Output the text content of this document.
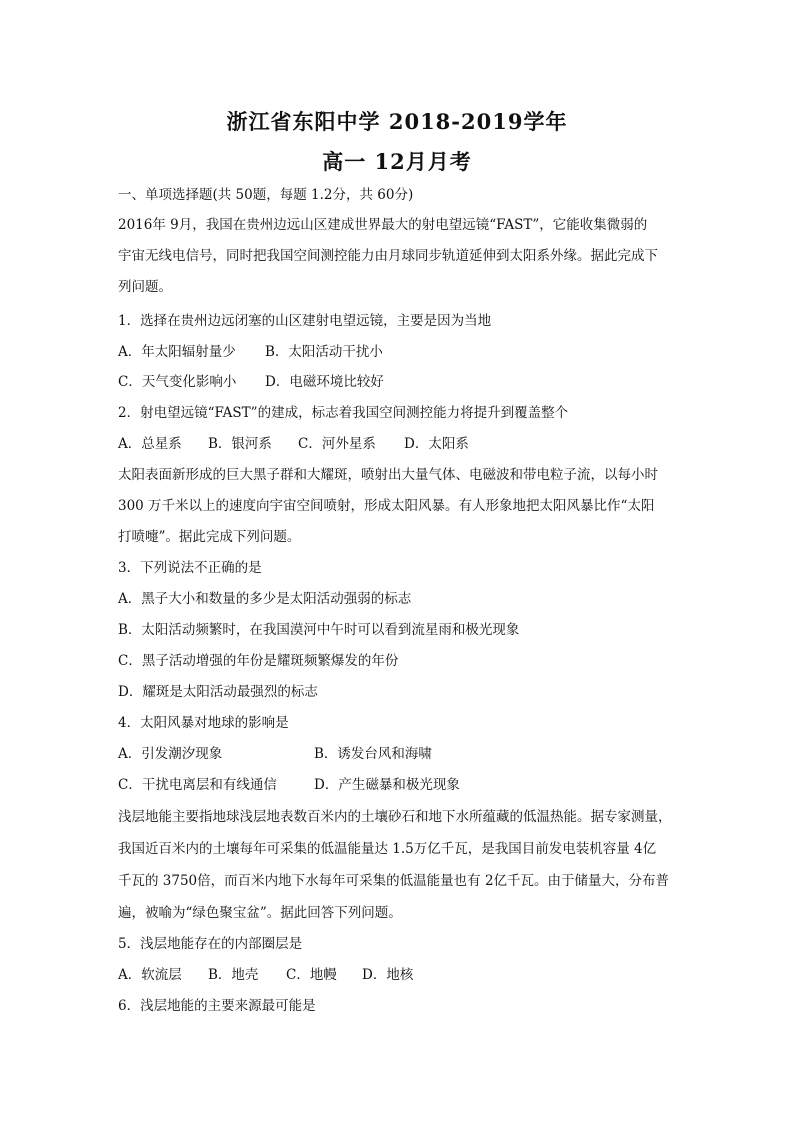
浙江省东阳中学 2018-2019学年
高一 12月月考
一、单项选择题(共 50题，每题 1.2分，共 60分)
2016年 9月，我国在贵州边远山区建成世界最大的射电望远镜“FAST”，它能收集微弱的
宇宙无线电信号，同时把我国空间测控能力由月球同步轨道延伸到太阳系外缘。据此完成下
列问题。
1．选择在贵州边远闭塞的山区建射电望远镜，主要是因为当地
A．年太阳辐射量少 B．太阳活动干扰小
C．天气变化影响小 D．电磁环境比较好
2．射电望远镜“FAST”的建成，标志着我国空间测控能力将提升到覆盖整个
A．总星系 B．银河系 C．河外星系 D．太阳系
太阳表面新形成的巨大黑子群和大耀斑，喷射出大量气体、电磁波和带电粒子流，以每小时
300 万千米以上的速度向宇宙空间喷射，形成太阳风暴。有人形象地把太阳风暴比作“太阳
打喷嚏”。据此完成下列问题。
3．下列说法不正确的是
A．黑子大小和数量的多少是太阳活动强弱的标志
B．太阳活动频繁时，在我国漠河中午时可以看到流星雨和极光现象
C．黑子活动增强的年份是耀斑频繁爆发的年份
D．耀斑是太阳活动最强烈的标志
4．太阳风暴对地球的影响是
A．引发潮汐现象	B．诱发台风和海啸
C．干扰电离层和有线通信	D．产生磁暴和极光现象
浅层地能主要指地球浅层地表数百米内的土壤砂石和地下水所蕴藏的低温热能。据专家测量，
我国近百米内的土壤每年可采集的低温能量达 1.5万亿千瓦，是我国目前发电装机容量 4亿
千瓦的 3750倍，而百米内地下水每年可采集的低温能量也有 2亿千瓦。由于储量大，分布普
遍，被喻为“绿色聚宝盆”。据此回答下列问题。
5．浅层地能存在的内部圈层是
A．软流层 B．地壳 C．地幔 D．地核
6．浅层地能的主要来源最可能是
